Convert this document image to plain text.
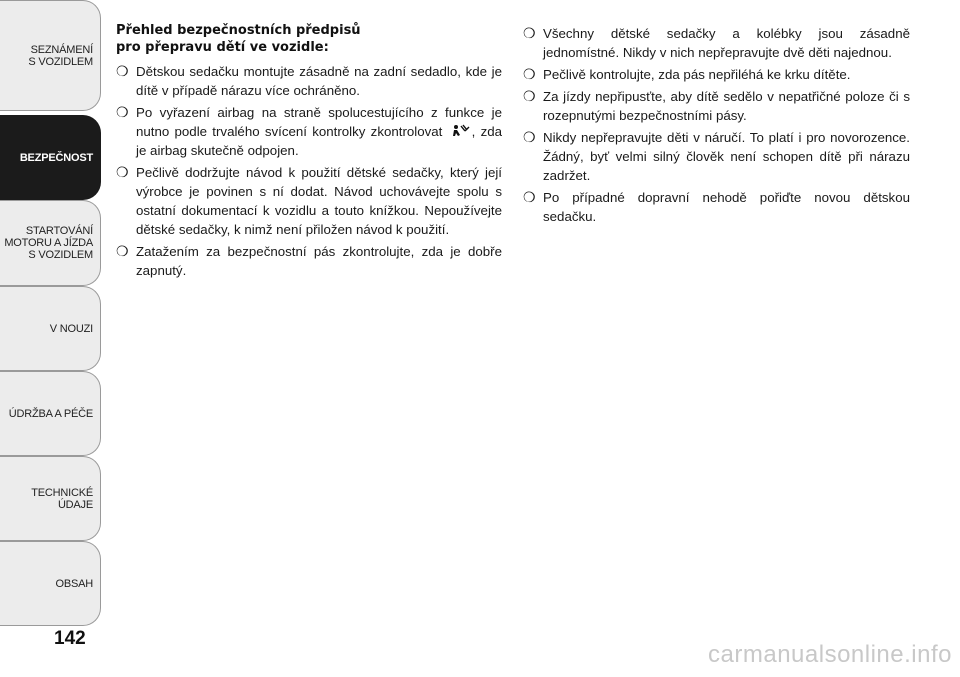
SEZNÁMENÍ
S VOZIDLEM
BEZPEČNOST
STARTOVÁNÍ
MOTORU A JÍZDA
S VOZIDLEM
V NOUZI
ÚDRŽBA A PÉČE
TECHNICKÉ
ÚDAJE
OBSAH
142
Přehled bezpečnostních předpisů
pro přepravu dětí ve vozidle:
❍ Dětskou sedačku montujte zásadně na zadní sedadlo, kde je dítě v případě nárazu více ochráněno.
❍ Po vyřazení airbag na straně spolucestujícího z funkce je nutno podle trvalého svícení kontrolky zkontrolovat , zda je airbag skutečně odpojen.
❍ Pečlivě dodržujte návod k použití dětské sedačky, který její výrobce je povinen s ní dodat. Návod uchovávejte spolu s ostatní dokumentací k vozidlu a touto knížkou. Nepoužívejte dětské sedačky, k nimž není přiložen návod k použití.
❍ Zatažením za bezpečnostní pás zkontrolujte, zda je dobře zapnutý.
❍ Všechny dětské sedačky a kolébky jsou zásadně jednomístné. Nikdy v nich nepřepravujte dvě děti najednou.
❍ Pečlivě kontrolujte, zda pás nepřiléhá ke krku dítěte.
❍ Za jízdy nepřipusťte, aby dítě sedělo v nepatřičné poloze či s rozepnutými bezpečnostními pásy.
❍ Nikdy nepřepravujte děti v náručí. To platí i pro novorozence. Žádný, byť velmi silný člověk není schopen dítě při nárazu zadržet.
❍ Po případné dopravní nehodě pořiďte novou dětskou sedačku.
carmanualsonline.info
